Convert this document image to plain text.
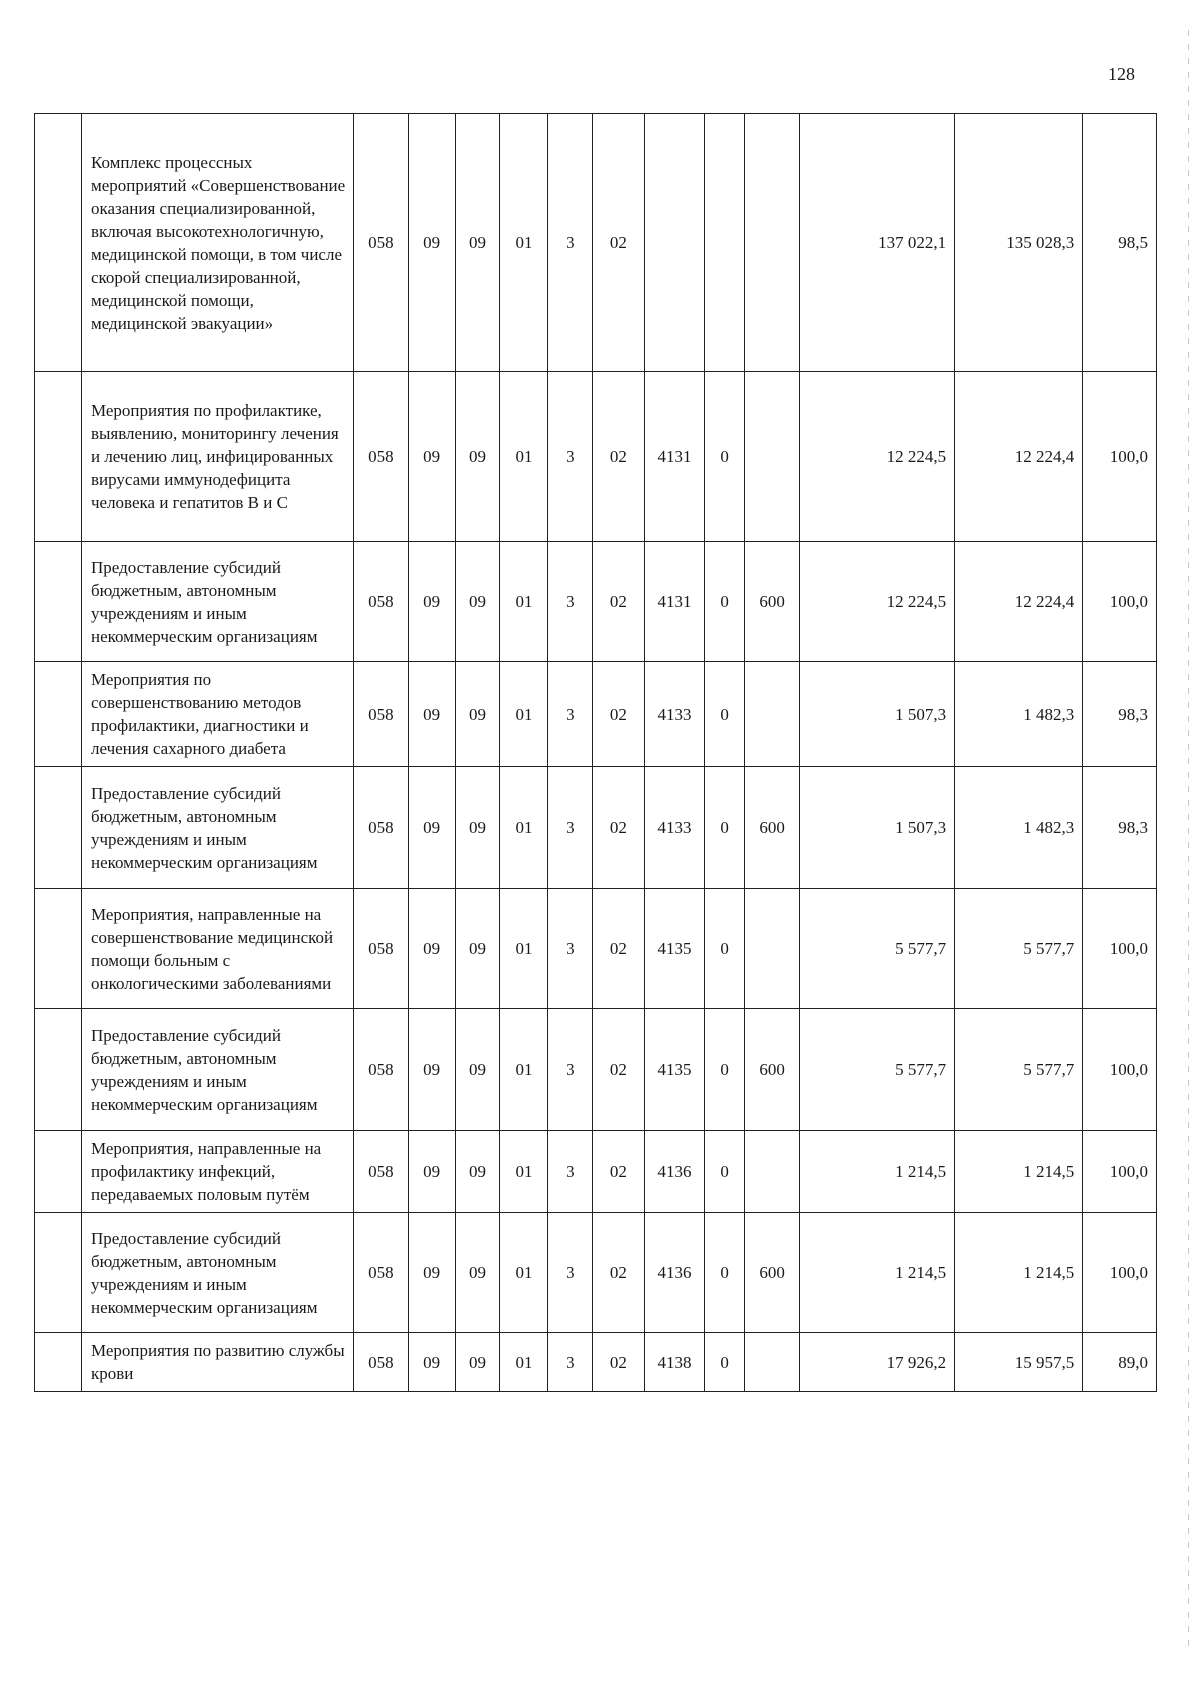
128
	Комплекс процессных мероприятий «Совершенствование оказания специализированной, включая высокотехнологичную, медицинской помощи, в том числе скорой специализированной, медицинской помощи, медицинской эвакуации»	058	09	09	01	3	02				137 022,1	135 028,3	98,5
	Мероприятия по профилактике, выявлению, мониторингу лечения и лечению лиц, инфицированных вирусами иммунодефицита человека и гепатитов В и С	058	09	09	01	3	02	4131	0		12 224,5	12 224,4	100,0
	Предоставление субсидий бюджетным, автономным учреждениям и иным некоммерческим организациям	058	09	09	01	3	02	4131	0	600	12 224,5	12 224,4	100,0
	Мероприятия по совершенствованию методов профилактики, диагностики и лечения сахарного диабета	058	09	09	01	3	02	4133	0		1 507,3	1 482,3	98,3
	Предоставление субсидий бюджетным, автономным учреждениям и иным некоммерческим организациям	058	09	09	01	3	02	4133	0	600	1 507,3	1 482,3	98,3
	Мероприятия, направленные на совершенствование медицинской помощи больным с онкологическими заболеваниями	058	09	09	01	3	02	4135	0		5 577,7	5 577,7	100,0
	Предоставление субсидий бюджетным, автономным учреждениям и иным некоммерческим организациям	058	09	09	01	3	02	4135	0	600	5 577,7	5 577,7	100,0
	Мероприятия, направленные на профилактику инфекций, передаваемых половым путём	058	09	09	01	3	02	4136	0		1 214,5	1 214,5	100,0
	Предоставление субсидий бюджетным, автономным учреждениям и иным некоммерческим организациям	058	09	09	01	3	02	4136	0	600	1 214,5	1 214,5	100,0
	Мероприятия по развитию службы крови	058	09	09	01	3	02	4138	0		17 926,2	15 957,5	89,0
